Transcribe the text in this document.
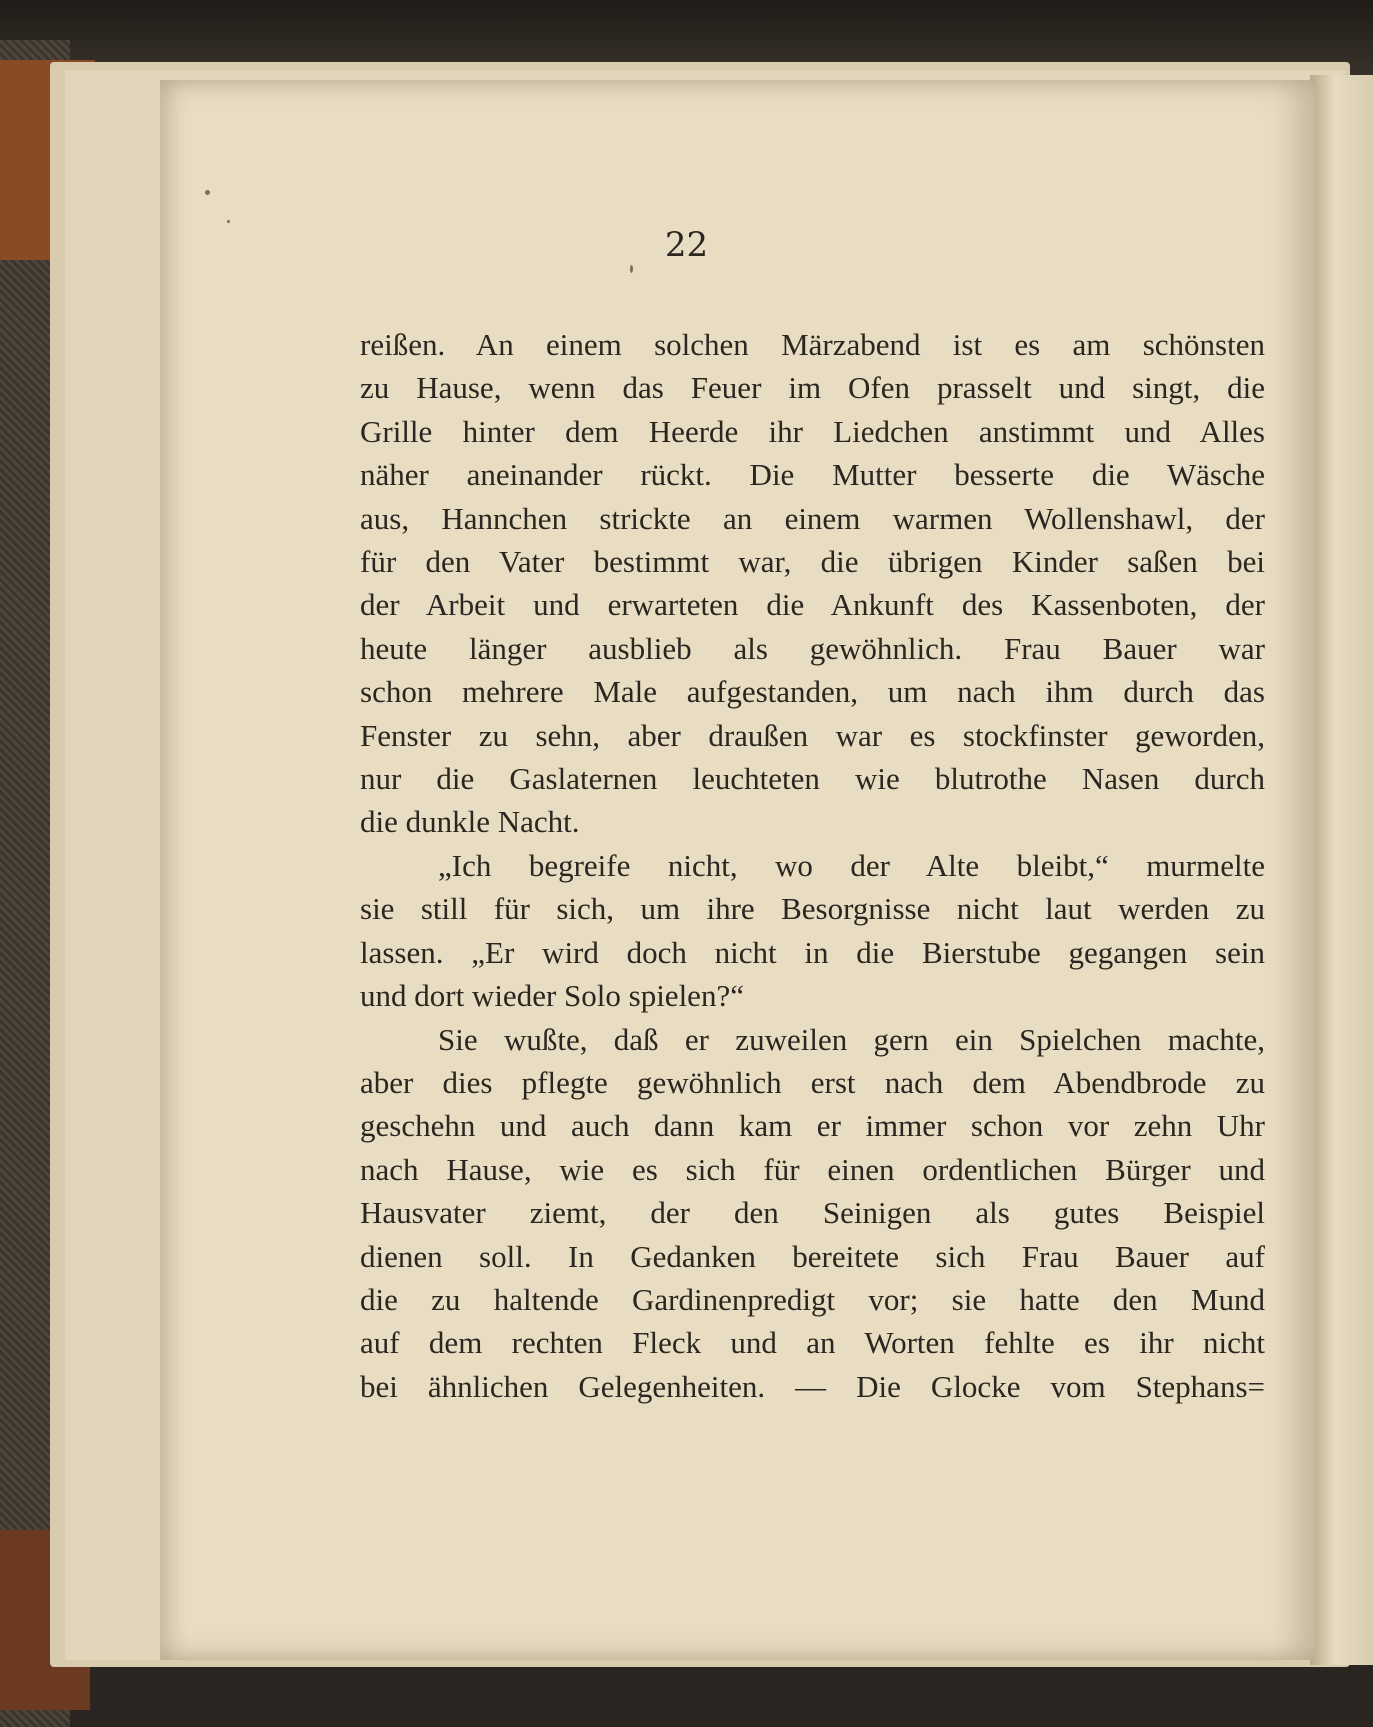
22
reißen. An einem solchen Märzabend ist es am schönsten
zu Hause, wenn das Feuer im Ofen prasselt und singt, die
Grille hinter dem Heerde ihr Liedchen anstimmt und Alles
näher aneinander rückt. Die Mutter besserte die Wäsche
aus, Hannchen strickte an einem warmen Wollenshawl, der
für den Vater bestimmt war, die übrigen Kinder saßen bei
der Arbeit und erwarteten die Ankunft des Kassenboten, der
heute länger ausblieb als gewöhnlich. Frau Bauer war
schon mehrere Male aufgestanden, um nach ihm durch das
Fenster zu sehn, aber draußen war es stockfinster geworden,
nur die Gaslaternen leuchteten wie blutrothe Nasen durch
die dunkle Nacht.
„Ich begreife nicht, wo der Alte bleibt,“ murmelte
sie still für sich, um ihre Besorgnisse nicht laut werden zu
lassen. „Er wird doch nicht in die Bierstube gegangen sein
und dort wieder Solo spielen?“
Sie wußte, daß er zuweilen gern ein Spielchen machte,
aber dies pflegte gewöhnlich erst nach dem Abendbrode zu
geschehn und auch dann kam er immer schon vor zehn Uhr
nach Hause, wie es sich für einen ordentlichen Bürger und
Hausvater ziemt, der den Seinigen als gutes Beispiel
dienen soll. In Gedanken bereitete sich Frau Bauer auf
die zu haltende Gardinenpredigt vor; sie hatte den Mund
auf dem rechten Fleck und an Worten fehlte es ihr nicht
bei ähnlichen Gelegenheiten. — Die Glocke vom Stephans=
